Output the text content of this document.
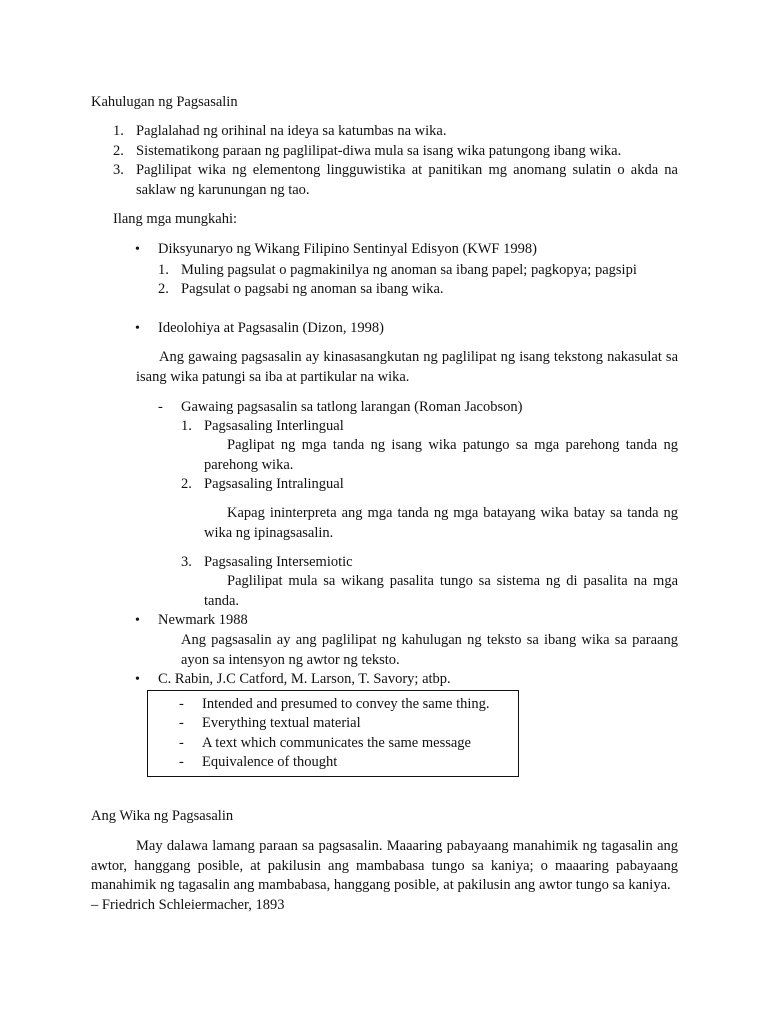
Kahulugan ng Pagsasalin
1. Paglalahad ng orihinal na ideya sa katumbas na wika.
2. Sistematikong paraan ng paglilipat-diwa mula sa isang wika patungong ibang wika.
3. Paglilipat wika ng elementong lingguwistika at panitikan mg anomang sulatin o akda na saklaw ng karunungan ng tao.
Ilang mga mungkahi:
• Diksyunaryo ng Wikang Filipino Sentinyal Edisyon (KWF 1998)
1. Muling pagsulat o pagmakinilya ng anoman sa ibang papel; pagkopya; pagsipi
2. Pagsulat o pagsabi ng anoman sa ibang wika.
• Ideolohiya at Pagsasalin (Dizon, 1998)
Ang gawaing pagsasalin ay kinasasangkutan ng paglilipat ng isang tekstong nakasulat sa isang wika patungi sa iba at partikular na wika.
- Gawaing pagsasalin sa tatlong larangan (Roman Jacobson)
1. Pagsasaling Interlingual
Paglipat ng mga tanda ng isang wika patungo sa mga parehong tanda ng parehong wika.
2. Pagsasaling Intralingual
Kapag ininterpreta ang mga tanda ng mga batayang wika batay sa tanda ng wika ng ipinagsasalin.
3. Pagsasaling Intersemiotic
Paglilipat mula sa wikang pasalita tungo sa sistema ng di pasalita na mga tanda.
• Newmark 1988
Ang pagsasalin ay ang paglilipat ng kahulugan ng teksto sa ibang wika sa paraang ayon sa intensyon ng awtor ng teksto.
• C. Rabin, J.C Catford, M. Larson, T. Savory; atbp.
- Intended and presumed to convey the same thing.
- Everything textual material
- A text which communicates the same message
- Equivalence of thought
Ang Wika ng Pagsasalin
May dalawa lamang paraan sa pagsasalin. Maaaring pabayaang manahimik ng tagasalin ang awtor, hanggang posible, at pakilusin ang mambabasa tungo sa kaniya; o maaaring pabayaang manahimik ng tagasalin ang mambabasa, hanggang posible, at pakilusin ang awtor tungo sa kaniya.   – Friedrich Schleiermacher, 1893
